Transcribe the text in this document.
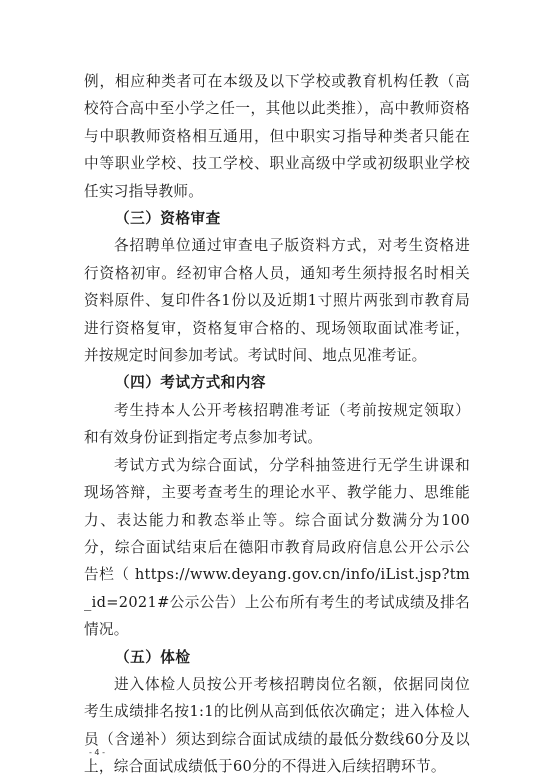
例，相应种类者可在本级及以下学校或教育机构任教（高校符合高中至小学之任一，其他以此类推），高中教师资格与中职教师资格相互通用，但中职实习指导种类者只能在中等职业学校、技工学校、职业高级中学或初级职业学校任实习指导教师。

（三）资格审查

各招聘单位通过审查电子版资料方式，对考生资格进行资格初审。经初审合格人员，通知考生须持报名时相关资料原件、复印件各1份以及近期1寸照片两张到市教育局进行资格复审，资格复审合格的、现场领取面试准考证，并按规定时间参加考试。考试时间、地点见准考证。

（四）考试方式和内容

考生持本人公开考核招聘准考证（考前按规定领取）和有效身份证到指定考点参加考试。

考试方式为综合面试，分学科抽签进行无学生讲课和现场答辩，主要考查考生的理论水平、教学能力、思维能力、表达能力和教态举止等。综合面试分数满分为100分，综合面试结束后在德阳市教育局政府信息公开公示公告栏（ https://www.deyang.gov.cn/info/iList.jsp?tm_id=2021#公示公告）上公布所有考生的考试成绩及排名情况。

（五）体检

进入体检人员按公开考核招聘岗位名额，依据同岗位考生成绩排名按1:1的比例从高到低依次确定；进入体检人员（含递补）须达到综合面试成绩的最低分数线60分及以上，综合面试成绩低于60分的不得进入后续招聘环节。

- 4 -
